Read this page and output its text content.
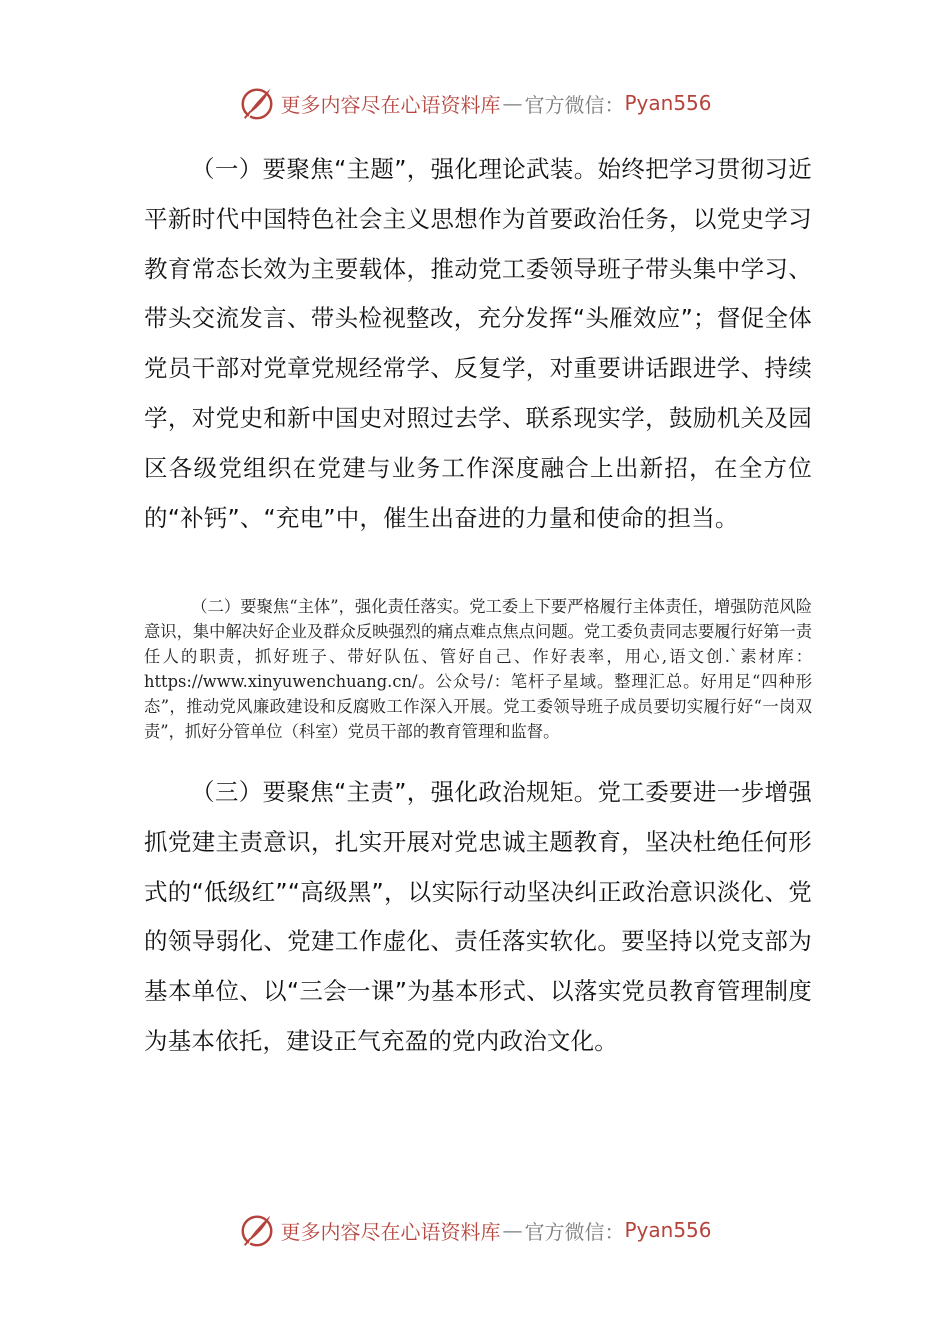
更多内容尽在心语资料库 — 官方微信： Pyan556

（一）要聚焦“主题”，强化理论武装。始终把学习贯彻习近平新时代中国特色社会主义思想作为首要政治任务，以党史学习教育常态长效为主要载体，推动党工委领导班子带头集中学习、带头交流发言、带头检视整改，充分发挥“头雁效应”；督促全体党员干部对党章党规经常学、反复学，对重要讲话跟进学、持续学，对党史和新中国史对照过去学、联系现实学，鼓励机关及园区各级党组织在党建与业务工作深度融合上出新招，在全方位的“补钙”、“充电”中，催生出奋进的力量和使命的担当。

（二）要聚焦“主体”，强化责任落实。党工委上下要严格履行主体责任，增强防范风险意识，集中解决好企业及群众反映强烈的痛点难点焦点问题。党工委负责同志要履行好第一责任人的职责，抓好班子、带好队伍、管好自己、作好表率，用心,语文创.`素材库：https://www.xinyuwenchuang.cn/。公众号/：笔杆子星域。整理汇总。好用足“四种形态”，推动党风廉政建设和反腐败工作深入开展。党工委领导班子成员要切实履行好“一岗双责”，抓好分管单位（科室）党员干部的教育管理和监督。

（三）要聚焦“主责”，强化政治规矩。党工委要进一步增强抓党建主责意识，扎实开展对党忠诚主题教育，坚决杜绝任何形式的“低级红”“高级黑”，以实际行动坚决纠正政治意识淡化、党的领导弱化、党建工作虚化、责任落实软化。要坚持以党支部为基本单位、以“三会一课”为基本形式、以落实党员教育管理制度为基本依托，建设正气充盈的党内政治文化。

更多内容尽在心语资料库 — 官方微信： Pyan556
